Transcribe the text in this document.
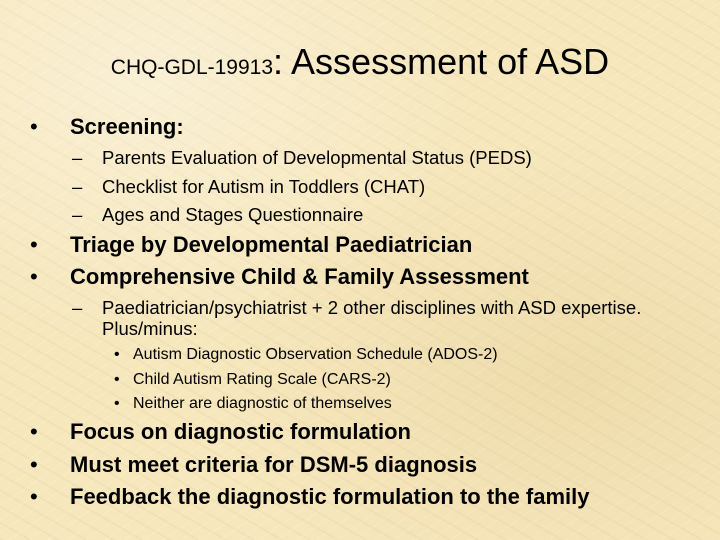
CHQ-GDL-19913: Assessment of ASD
• Screening:
– Parents Evaluation of Developmental Status (PEDS)
– Checklist for Autism in Toddlers (CHAT)
– Ages and Stages Questionnaire
• Triage by Developmental Paediatrician
• Comprehensive Child & Family Assessment
– Paediatrician/psychiatrist + 2 other disciplines with ASD expertise. Plus/minus:
• Autism Diagnostic Observation Schedule (ADOS-2)
• Child Autism Rating Scale (CARS-2)
• Neither are diagnostic of themselves
• Focus on diagnostic formulation
• Must meet criteria for DSM-5 diagnosis
• Feedback the diagnostic formulation to the family
